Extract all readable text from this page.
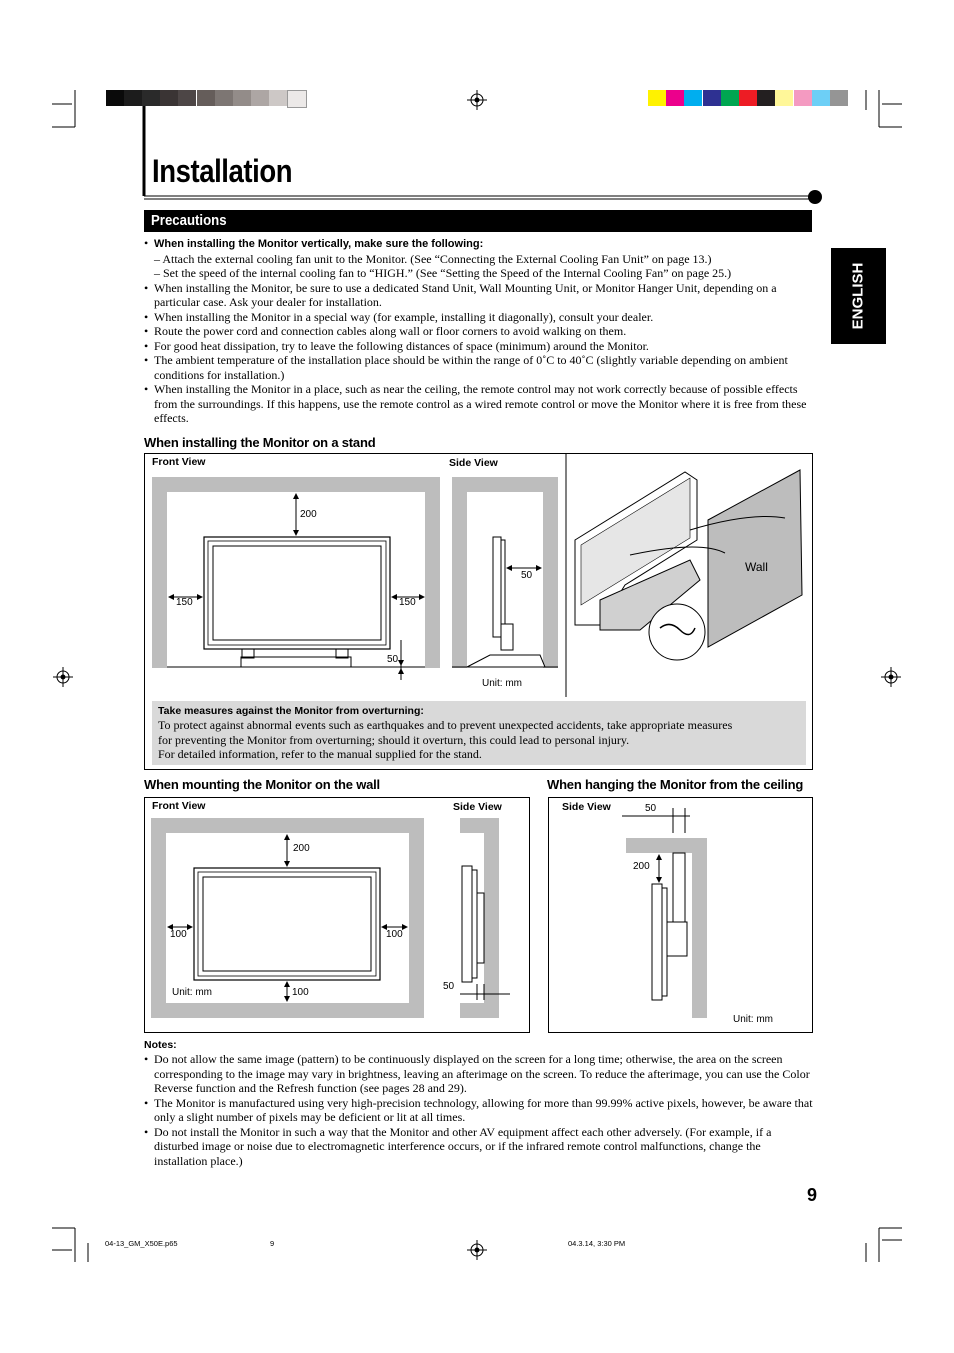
Installation
Precautions
ENGLISH
• When installing the Monitor vertically, make sure the following:
– Attach the external cooling fan unit to the Monitor. (See “Connecting the External Cooling Fan Unit” on page 13.)
– Set the speed of the internal cooling fan to “HIGH.” (See “Setting the Speed of the Internal Cooling Fan” on page 25.)
• When installing the Monitor, be sure to use a dedicated Stand Unit, Wall Mounting Unit, or Monitor Hanger Unit, depending on a particular case. Ask your dealer for installation.
• When installing the Monitor in a special way (for example, installing it diagonally), consult your dealer.
• Route the power cord and connection cables along wall or floor corners to avoid walking on them.
• For good heat dissipation, try to leave the following distances of space (minimum) around the Monitor.
• The ambient temperature of the installation place should be within the range of 0˚C to 40˚C (slightly variable depending on ambient conditions for installation.)
• When installing the Monitor in a place, such as near the ceiling, the remote control may not work correctly because of possible effects from the surroundings. If this happens, use the remote control as a wired remote control or move the Monitor where it is free from these effects.
When installing the Monitor on a stand
Front View	Side View
200
150	150
50
50
Unit: mm
Wall
Take measures against the Monitor from overturning:
To protect against abnormal events such as earthquakes and to prevent unexpected accidents, take appropriate measures
for preventing the Monitor from overturning; should it overturn, this could lead to personal injury.
For detailed information, refer to the manual supplied for the stand.
When mounting the Monitor on the wall
Front View	Side View
200
100	100
100
Unit: mm
50
When hanging the Monitor from the ceiling
Side View	50
200
Unit: mm
Notes:
• Do not allow the same image (pattern) to be continuously displayed on the screen for a long time; otherwise, the area on the screen corresponding to the image may vary in brightness, leaving an afterimage on the screen. To reduce the afterimage, you can use the Color Reverse function and the Refresh function (see pages 28 and 29).
• The Monitor is manufactured using very high-precision technology, allowing for more than 99.99% active pixels, however, be aware that only a slight number of pixels may be deficient or lit at all times.
• Do not install the Monitor in such a way that the Monitor and other AV equipment affect each other adversely. (For example, if a disturbed image or noise due to electromagnetic interference occurs, or if the infrared remote control malfunctions, change the installation place.)
9
04-13_GM_X50E.p65	9	04.3.14, 3:30 PM
